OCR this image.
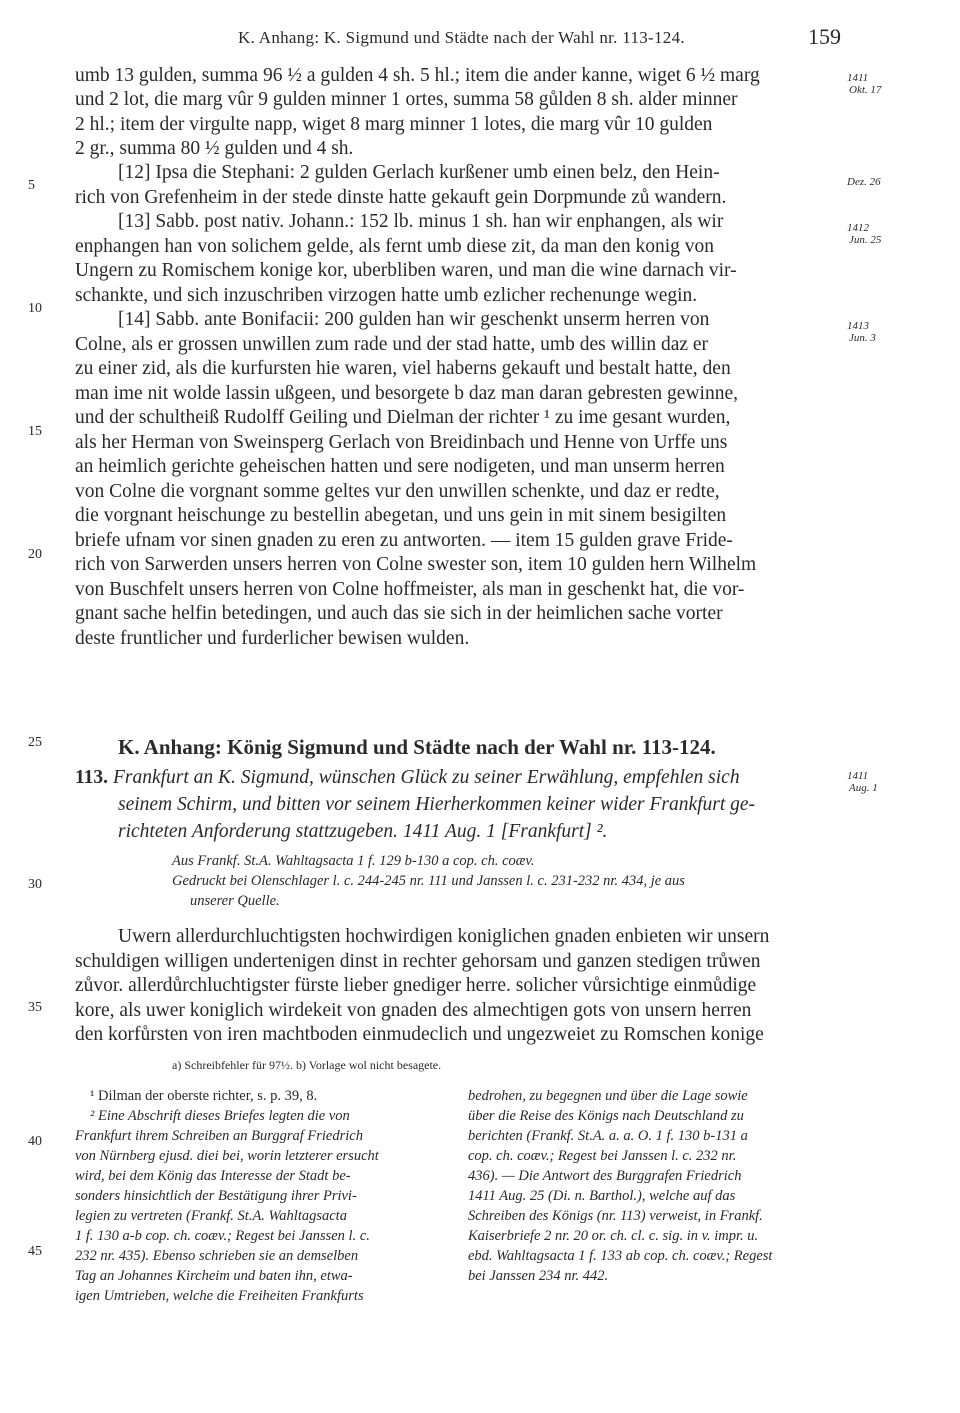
K. Anhang: K. Sigmund und Städte nach der Wahl nr. 113-124.	159
umb 13 gulden, summa 96 ½ a gulden 4 sh. 5 hl.; item die ander kanne, wiget 6 ½ marg
und 2 lot, die marg vûr 9 gulden minner 1 ortes, summa 58 gůlden 8 sh. alder minner
2 hl.; item der virgulte napp, wiget 8 marg minner 1 lotes, die marg vûr 10 gulden
2 gr., summa 80 ½ gulden und 4 sh.
[12] Ipsa die Stephani: 2 gulden Gerlach kurßener umb einen belz, den Hein-
rich von Grefenheim in der stede dinste hatte gekauft gein Dorpmunde zů wandern.
[13] Sabb. post nativ. Johann.: 152 lb. minus 1 sh. han wir enphangen, als wir
enphangen han von solichem gelde, als fernt umb diese zit, da man den konig von
Ungern zu Romischem konige kor, uberbliben waren, und man die wine darnach vir-
schankte, und sich inzuschriben virzogen hatte umb ezlicher rechenunge wegin.
[14] Sabb. ante Bonifacii: 200 gulden han wir geschenkt unserm herren von
Colne, als er grossen unwillen zum rade und der stad hatte, umb des willin daz er
zu einer zid, als die kurfursten hie waren, viel haberns gekauft und bestalt hatte, den
man ime nit wolde lassin ußgeen, und besorgete b daz man daran gebresten gewinne,
und der schultheiß Rudolff Geiling und Dielman der richter ¹ zu ime gesant wurden,
als her Herman von Sweinsperg Gerlach von Breidinbach und Henne von Urffe uns
an heimlich gerichte geheischen hatten und sere nodigeten, und man unserm herren
von Colne die vorgnant somme geltes vur den unwillen schenkte, und daz er redte,
die vorgnant heischunge zu bestellin abegetan, und uns gein in mit sinem besigilten
briefe ufnam vor sinen gnaden zu eren zu antworten. — item 15 gulden grave Fride-
rich von Sarwerden unsers herren von Colne swester son, item 10 gulden hern Wilhelm
von Buschfelt unsers herren von Colne hoffmeister, als man in geschenkt hat, die vor-
gnant sache helfin betedingen, und auch das sie sich in der heimlichen sache vorter
deste fruntlicher und furderlicher bewisen wulden.
5
10
15
20
25
30
35
40
45
1411
Okt. 17
Dez. 26
1412
Jun. 25
1413
Jun. 3
1411
Aug. 1
K. Anhang: König Sigmund und Städte nach der Wahl nr. 113-124.
113. Frankfurt an K. Sigmund, wünschen Glück zu seiner Erwählung, empfehlen sich
seinem Schirm, und bitten vor seinem Hierherkommen keiner wider Frankfurt ge-
richteten Anforderung stattzugeben. 1411 Aug. 1 [Frankfurt] ².
Aus Frankf. St.A. Wahltagsacta 1 f. 129 b-130 a cop. ch. coæv.
Gedruckt bei Olenschlager l. c. 244-245 nr. 111 und Janssen l. c. 231-232 nr. 434, je aus
unserer Quelle.
Uwern allerdurchluchtigsten hochwirdigen koniglichen gnaden enbieten wir unsern
schuldigen willigen undertenigen dinst in rechter gehorsam und ganzen stedigen trůwen
zůvor. allerdůrchluchtigster fürste lieber gnediger herre. solicher vůrsichtige einmůdige
kore, als uwer koniglich wirdekeit von gnaden des almechtigen gots von unsern herren
den korfůrsten von iren machtboden einmudeclich und ungezweiet zu Romschen konige
a) Schreibfehler für 97½. b) Vorlage wol nicht besagete.
¹ Dilman der oberste richter, s. p. 39, 8.
² Eine Abschrift dieses Briefes legten die von
Frankfurt ihrem Schreiben an Burggraf Friedrich
von Nürnberg ejusd. diei bei, worin letzterer ersucht
wird, bei dem König das Interesse der Stadt be-
sonders hinsichtlich der Bestätigung ihrer Privi-
legien zu vertreten (Frankf. St.A. Wahltagsacta
1 f. 130 a-b cop. ch. coæv.; Regest bei Janssen l. c.
232 nr. 435). Ebenso schrieben sie an demselben
Tag an Johannes Kircheim und baten ihn, etwa-
igen Umtrieben, welche die Freiheiten Frankfurts
bedrohen, zu begegnen und über die Lage sowie
über die Reise des Königs nach Deutschland zu
berichten (Frankf. St.A. a. a. O. 1 f. 130 b-131 a
cop. ch. coæv.; Regest bei Janssen l. c. 232 nr.
436). — Die Antwort des Burggrafen Friedrich
1411 Aug. 25 (Di. n. Barthol.), welche auf das
Schreiben des Königs (nr. 113) verweist, in Frankf.
Kaiserbriefe 2 nr. 20 or. ch. cl. c. sig. in v. impr. u.
ebd. Wahltagsacta 1 f. 133 ab cop. ch. coæv.; Regest
bei Janssen 234 nr. 442.
